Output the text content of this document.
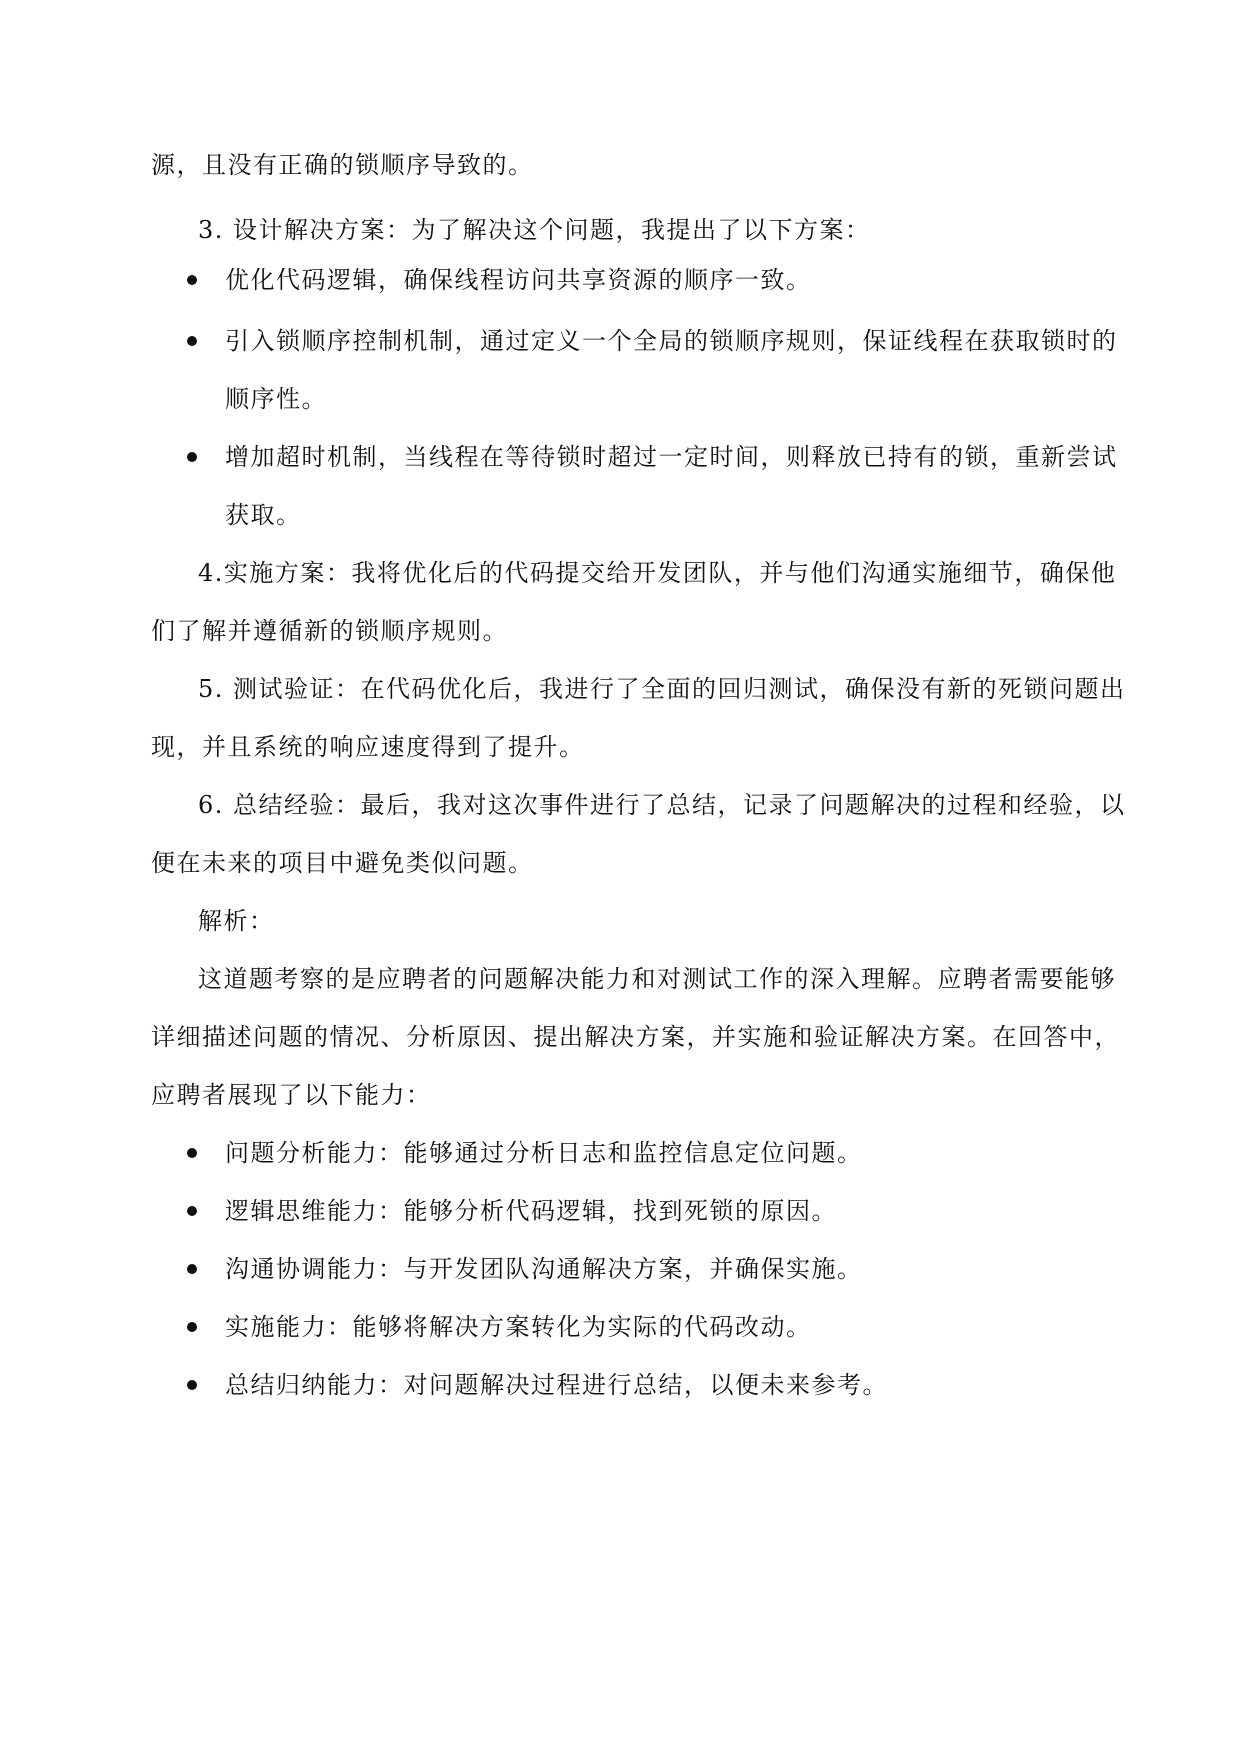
源，且没有正确的锁顺序导致的。
3. 设计解决方案：为了解决这个问题，我提出了以下方案：
优化代码逻辑，确保线程访问共享资源的顺序一致。
引入锁顺序控制机制，通过定义一个全局的锁顺序规则，保证线程在获取锁时的
顺序性。
增加超时机制，当线程在等待锁时超过一定时间，则释放已持有的锁，重新尝试
获取。
4.实施方案：我将优化后的代码提交给开发团队，并与他们沟通实施细节，确保他
们了解并遵循新的锁顺序规则。
5. 测试验证：在代码优化后，我进行了全面的回归测试，确保没有新的死锁问题出
现，并且系统的响应速度得到了提升。
6. 总结经验：最后，我对这次事件进行了总结，记录了问题解决的过程和经验，以
便在未来的项目中避免类似问题。
解析：
这道题考察的是应聘者的问题解决能力和对测试工作的深入理解。应聘者需要能够
详细描述问题的情况、分析原因、提出解决方案，并实施和验证解决方案。在回答中，
应聘者展现了以下能力：
问题分析能力：能够通过分析日志和监控信息定位问题。
逻辑思维能力：能够分析代码逻辑，找到死锁的原因。
沟通协调能力：与开发团队沟通解决方案，并确保实施。
实施能力：能够将解决方案转化为实际的代码改动。
总结归纳能力：对问题解决过程进行总结，以便未来参考。
